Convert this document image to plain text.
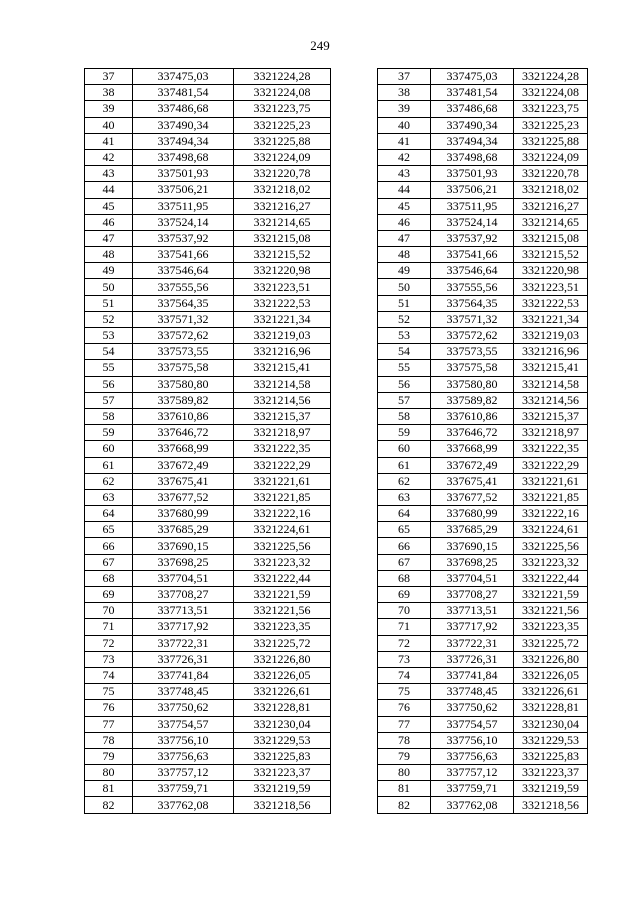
249
37	337475,03	3321224,28
38	337481,54	3321224,08
39	337486,68	3321223,75
40	337490,34	3321225,23
41	337494,34	3321225,88
42	337498,68	3321224,09
43	337501,93	3321220,78
44	337506,21	3321218,02
45	337511,95	3321216,27
46	337524,14	3321214,65
47	337537,92	3321215,08
48	337541,66	3321215,52
49	337546,64	3321220,98
50	337555,56	3321223,51
51	337564,35	3321222,53
52	337571,32	3321221,34
53	337572,62	3321219,03
54	337573,55	3321216,96
55	337575,58	3321215,41
56	337580,80	3321214,58
57	337589,82	3321214,56
58	337610,86	3321215,37
59	337646,72	3321218,97
60	337668,99	3321222,35
61	337672,49	3321222,29
62	337675,41	3321221,61
63	337677,52	3321221,85
64	337680,99	3321222,16
65	337685,29	3321224,61
66	337690,15	3321225,56
67	337698,25	3321223,32
68	337704,51	3321222,44
69	337708,27	3321221,59
70	337713,51	3321221,56
71	337717,92	3321223,35
72	337722,31	3321225,72
73	337726,31	3321226,80
74	337741,84	3321226,05
75	337748,45	3321226,61
76	337750,62	3321228,81
77	337754,57	3321230,04
78	337756,10	3321229,53
79	337756,63	3321225,83
80	337757,12	3321223,37
81	337759,71	3321219,59
82	337762,08	3321218,56
37	337475,03	3321224,28
38	337481,54	3321224,08
39	337486,68	3321223,75
40	337490,34	3321225,23
41	337494,34	3321225,88
42	337498,68	3321224,09
43	337501,93	3321220,78
44	337506,21	3321218,02
45	337511,95	3321216,27
46	337524,14	3321214,65
47	337537,92	3321215,08
48	337541,66	3321215,52
49	337546,64	3321220,98
50	337555,56	3321223,51
51	337564,35	3321222,53
52	337571,32	3321221,34
53	337572,62	3321219,03
54	337573,55	3321216,96
55	337575,58	3321215,41
56	337580,80	3321214,58
57	337589,82	3321214,56
58	337610,86	3321215,37
59	337646,72	3321218,97
60	337668,99	3321222,35
61	337672,49	3321222,29
62	337675,41	3321221,61
63	337677,52	3321221,85
64	337680,99	3321222,16
65	337685,29	3321224,61
66	337690,15	3321225,56
67	337698,25	3321223,32
68	337704,51	3321222,44
69	337708,27	3321221,59
70	337713,51	3321221,56
71	337717,92	3321223,35
72	337722,31	3321225,72
73	337726,31	3321226,80
74	337741,84	3321226,05
75	337748,45	3321226,61
76	337750,62	3321228,81
77	337754,57	3321230,04
78	337756,10	3321229,53
79	337756,63	3321225,83
80	337757,12	3321223,37
81	337759,71	3321219,59
82	337762,08	3321218,56
